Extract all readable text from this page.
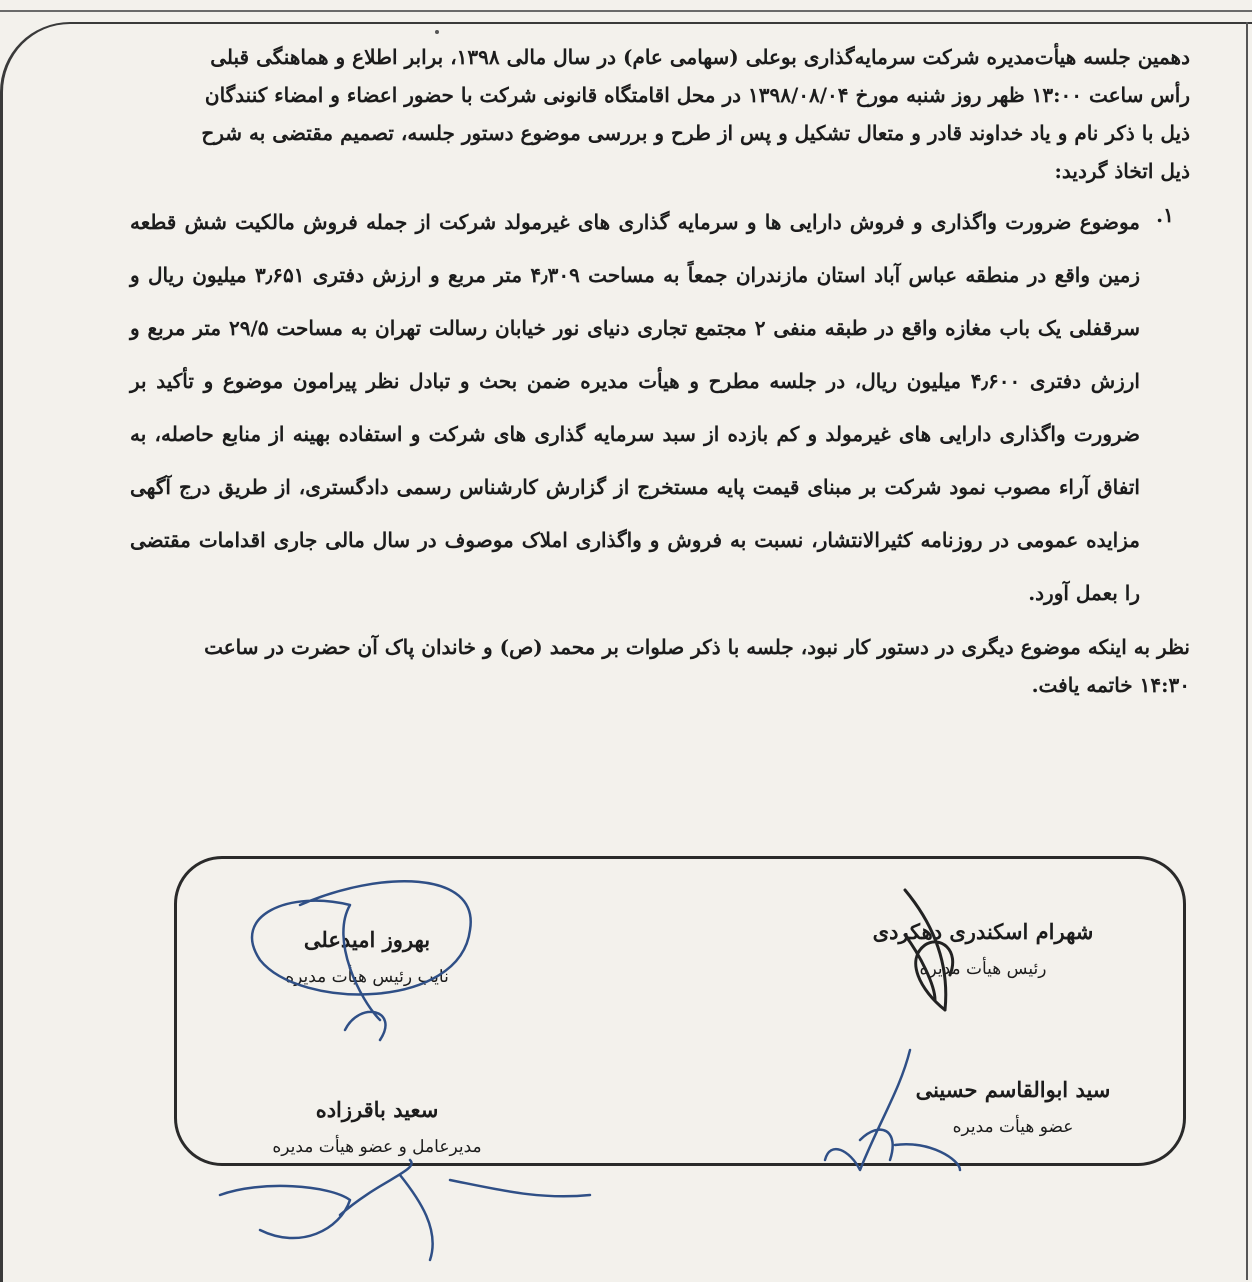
دهمین جلسه هیأت‌مدیره شرکت سرمایه‌گذاری بوعلی (سهامی عام) در سال مالی ۱۳۹۸، برابر اطلاع و هماهنگی قبلی

رأس ساعت ۱۳:۰۰ ظهر روز شنبه مورخ ۱۳۹۸/۰۸/۰۴ در محل اقامتگاه قانونی شرکت با حضور اعضاء و امضاء کنندگان

ذیل با ذکر نام و یاد خداوند قادر و متعال تشکیل و پس از طرح و بررسی موضوع دستور جلسه، تصمیم مقتضی به شرح

ذیل اتخاذ گردید:

۱.
موضوع ضرورت واگذاری و فروش دارایی ها و سرمایه گذاری های غیرمولد شرکت از جمله فروش مالکیت شش قطعه زمین واقع در منطقه عباس آباد استان مازندران جمعاً به مساحت ۴٫۳۰۹ متر مربع و ارزش دفتری ۳٫۶۵۱ میلیون ریال و سرقفلی یک باب مغازه واقع در طبقه منفی ۲ مجتمع تجاری دنیای نور خیابان رسالت تهران به مساحت ۲۹/۵ متر مربع و ارزش دفتری ۴٫۶۰۰ میلیون ریال، در جلسه مطرح و هیأت مدیره ضمن بحث و تبادل نظر پیرامون موضوع و تأکید بر ضرورت واگذاری دارایی های غیرمولد و کم بازده از سبد سرمایه گذاری های شرکت و استفاده بهینه از منابع حاصله، به اتفاق آراء مصوب نمود شرکت بر مبنای قیمت پایه مستخرج از گزارش کارشناس رسمی دادگستری، از طریق درج آگهی مزایده عمومی در روزنامه کثیرالانتشار، نسبت به فروش و واگذاری املاک موصوف در سال مالی جاری اقدامات مقتضی را بعمل آورد.

نظر به اینکه موضوع دیگری در دستور کار نبود، جلسه با ذکر صلوات بر محمد (ص) و خاندان پاک آن حضرت در ساعت

۱۴:۳۰ خاتمه یافت.

شهرام اسکندری دهکردی
رئیس هیأت مدیره
بهروز امیدعلی
نایب رئیس هیأت مدیره
سید ابوالقاسم حسینی
عضو هیأت مدیره
سعید باقرزاده
مدیرعامل و عضو هیأت مدیره
